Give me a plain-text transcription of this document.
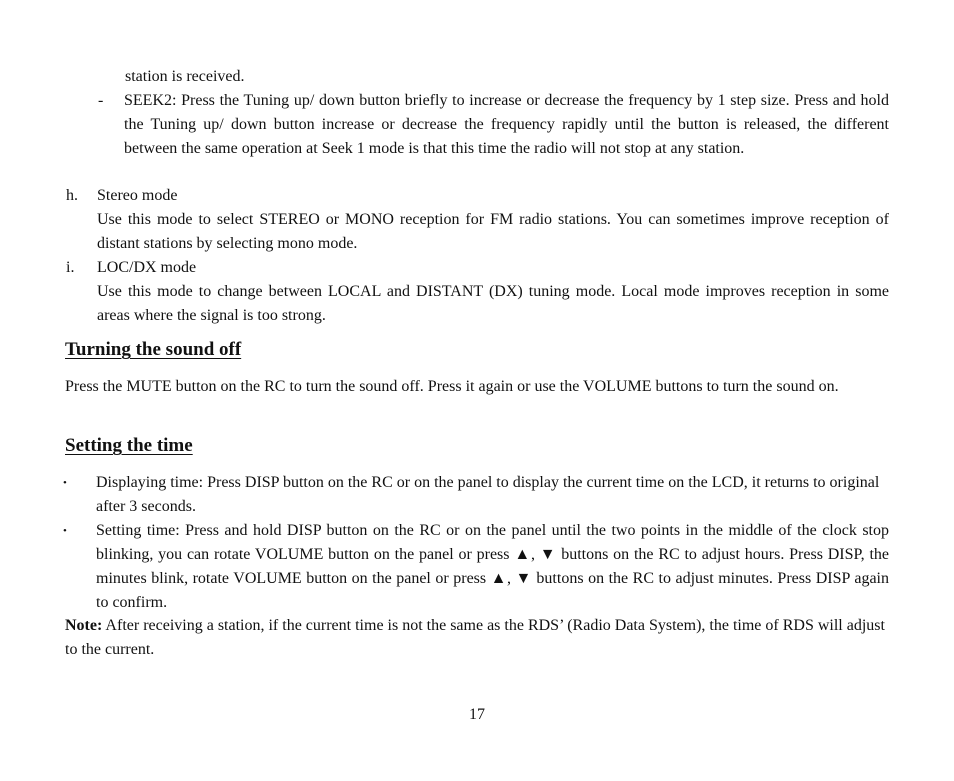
station is received.

- SEEK2: Press the Tuning up/ down button briefly to increase or decrease the frequency by 1 step size. Press and hold the Tuning up/ down button increase or decrease the frequency rapidly until the button is released, the different between the same operation at Seek 1 mode is that this time the radio will not stop at any station.

h. Stereo mode

Use this mode to select STEREO or MONO reception for FM radio stations. You can sometimes improve reception of distant stations by selecting mono mode.

i. LOC/DX mode

Use this mode to change between LOCAL and DISTANT (DX) tuning mode. Local mode improves reception in some areas where the signal is too strong.

Turning the sound off

Press the MUTE button on the RC to turn the sound off. Press it again or use the VOLUME buttons to turn the sound on.

Setting the time
• Displaying time: Press DISP button on the RC or on the panel to display the current time on the LCD, it returns to original after 3 seconds.

• Setting time: Press and hold DISP button on the RC or on the panel until the two points in the middle of the clock stop blinking, you can rotate VOLUME button on the panel or press ▲, ▼ buttons on the RC to adjust hours. Press DISP, the minutes blink, rotate VOLUME button on the panel or press ▲, ▼ buttons on the RC to adjust minutes. Press DISP again to confirm.

Note: After receiving a station, if the current time is not the same as the RDS’ (Radio Data System), the time of RDS will adjust to the current.

17
